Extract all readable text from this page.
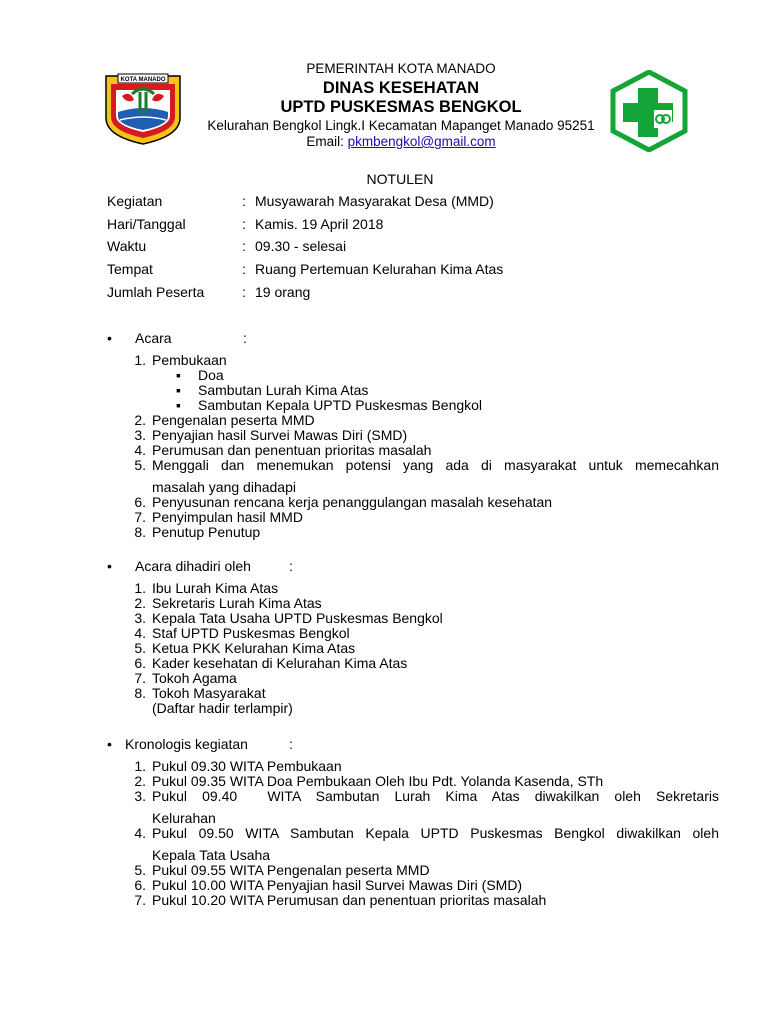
KOTA MANADO
PEMERINTAH KOTA MANADO
DINAS KESEHATAN
UPTD PUSKESMAS BENGKOL
Kelurahan Bengkol Lingk.I Kecamatan Mapanget Manado 95251
Email: pkmbengkol@gmail.com
NOTULEN
Kegiatan	: Musyawarah Masyarakat Desa (MMD)
Hari/Tanggal	: Kamis. 19 April 2018
Waktu	: 09.30 - selesai
Tempat	: Ruang Pertemuan Kelurahan Kima Atas
Jumlah Peserta	: 19 orang
• Acara	:
1. Pembukaan
▪ Doa
▪ Sambutan Lurah Kima Atas
▪ Sambutan Kepala UPTD Puskesmas Bengkol
2. Pengenalan peserta MMD
3. Penyajian hasil Survei Mawas Diri (SMD)
4. Perumusan dan penentuan prioritas masalah
5. Menggali dan menemukan potensi yang ada di masyarakat untuk memecahkan
masalah yang dihadapi
6. Penyusunan rencana kerja penanggulangan masalah kesehatan
7. Penyimpulan hasil MMD
8. Penutup Penutup
• Acara dihadiri oleh	:
1. Ibu Lurah Kima Atas
2. Sekretaris Lurah Kima Atas
3. Kepala Tata Usaha UPTD Puskesmas Bengkol
4. Staf UPTD Puskesmas Bengkol
5. Ketua PKK Kelurahan Kima Atas
6. Kader kesehatan di Kelurahan Kima Atas
7. Tokoh Agama
8. Tokoh Masyarakat
(Daftar hadir terlampir)
• Kronologis kegiatan	:
1. Pukul 09.30 WITA Pembukaan
2. Pukul 09.35 WITA Doa Pembukaan Oleh Ibu Pdt. Yolanda Kasenda, STh
3. Pukul  09.40    WITA  Sambutan  Lurah  Kima  Atas  diwakilkan  oleh  Sekretaris
Kelurahan
4. Pukul 09.50 WITA Sambutan Kepala UPTD Puskesmas Bengkol diwakilkan oleh
Kepala Tata Usaha
5. Pukul 09.55 WITA Pengenalan peserta MMD
6. Pukul 10.00 WITA Penyajian hasil Survei Mawas Diri (SMD)
7. Pukul 10.20 WITA Perumusan dan penentuan prioritas masalah
